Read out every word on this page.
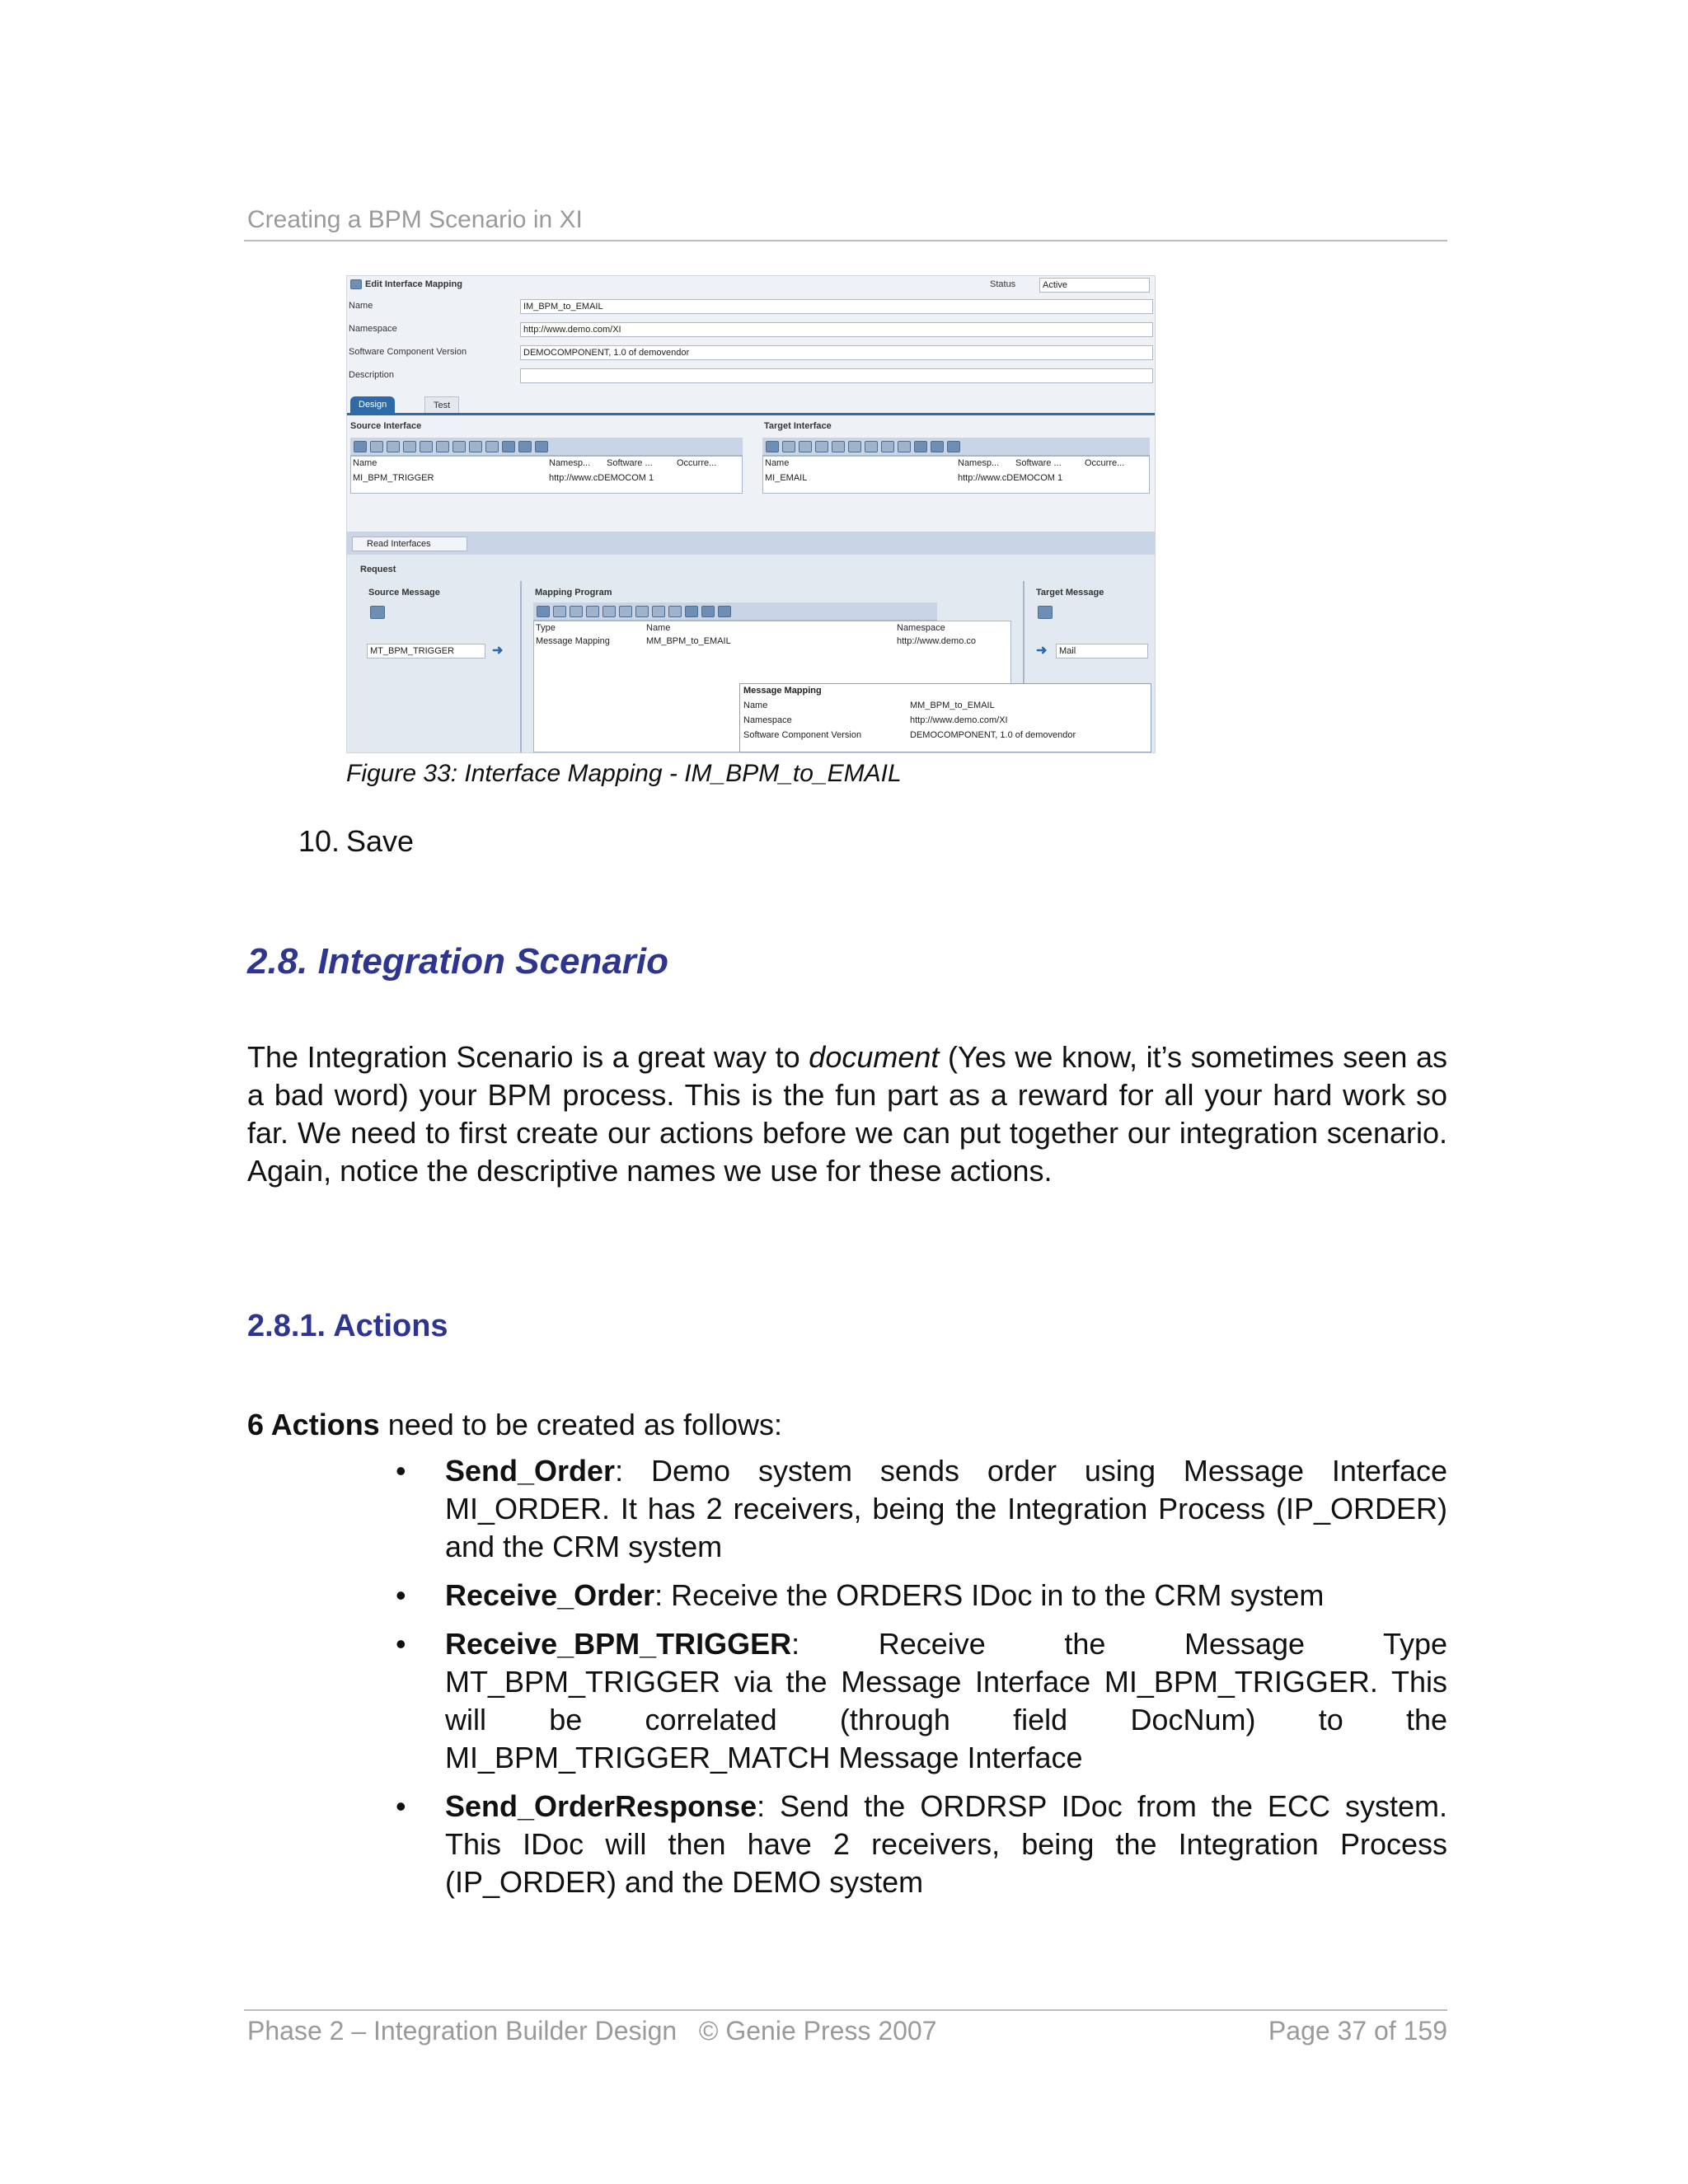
Creating a BPM Scenario in XI
Edit Interface Mapping	Status	Active
Name	IM_BPM_to_EMAIL
Namespace	http://www.demo.com/XI
Software Component Version	DEMOCOMPONENT, 1.0 of demovendor
Description
Design	Test
Source Interface
Name	Namesp... Software ...	Occurre...
MI_BPM_TRIGGER	http://www.cDEMOCOM 1
Target Interface
Name	Namesp... Software ...	Occurre...
MI_EMAIL	http://www.cDEMOCOM 1
Read Interfaces
Request
Source Message
MT_BPM_TRIGGER	➜
Mapping Program
Type	Name	Namespace
Message Mapping	MM_BPM_to_EMAIL	http://www.demo.co
Target Message
➜	Mail
Message Mapping
Name	MM_BPM_to_EMAIL
Namespace	http://www.demo.com/XI
Software Component Version	DEMOCOMPONENT, 1.0 of demovendor
Figure 33: Interface Mapping - IM_BPM_to_EMAIL
10. Save
2.8. Integration Scenario

The Integration Scenario is a great way to document (Yes we know, it’s sometimes seen as a bad word) your BPM process. This is the fun part as a reward for all your hard work so far. We need to first create our actions before we can put together our integration scenario. Again, notice the descriptive names we use for these actions.

2.8.1. Actions

6 Actions need to be created as follows:

• Send_Order: Demo system sends order using Message Interface MI_ORDER. It has 2 receivers, being the Integration Process (IP_ORDER) and the CRM system
• Receive_Order: Receive the ORDERS IDoc in to the CRM system
• Receive_BPM_TRIGGER: Receive the Message Type MT_BPM_TRIGGER via the Message Interface MI_BPM_TRIGGER. This will be correlated (through field DocNum) to the MI_BPM_TRIGGER_MATCH Message Interface
• Send_OrderResponse: Send the ORDRSP IDoc from the ECC system. This IDoc will then have 2 receivers, being the Integration Process (IP_ORDER) and the DEMO system
Phase 2 – Integration Builder Design   © Genie Press 2007	Page 37 of 159
